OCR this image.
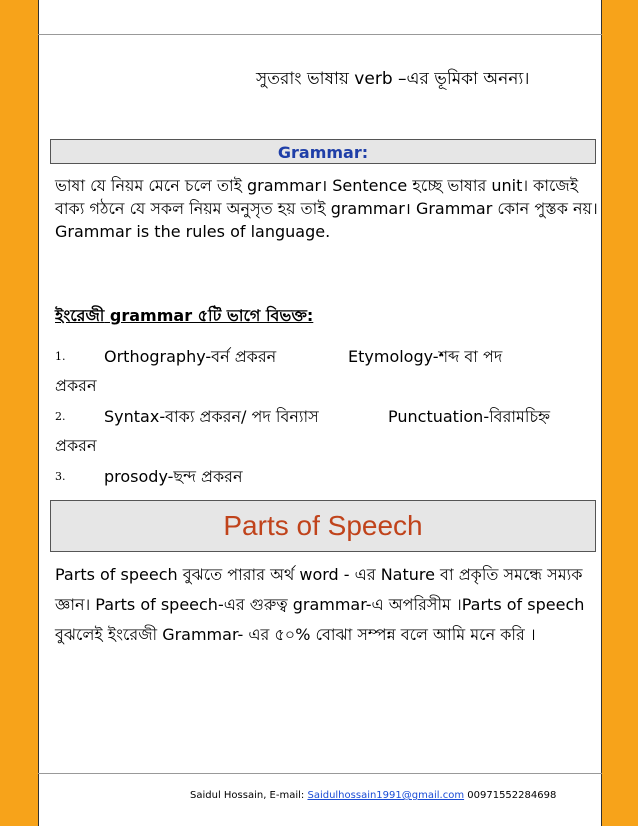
সুতরাং ভাষায় verb –এর ভূমিকা অনন্য।
Grammar:
ভাষা যে নিয়ম মেনে চলে তাই grammar। Sentence হচ্ছে ভাষার unit। কাজেই বাক্য গঠনে যে সকল নিয়ম অনুসৃত হয় তাই grammar। Grammar কোন পুস্তক নয়। Grammar is the rules of language.
ইংরেজী grammar ৫টি ভাগে বিভক্ত:
1. Orthography-বর্ন প্রকরন	Etymology-শব্দ বা পদ
প্রকরন
2. Syntax-বাক্য প্রকরন/ পদ বিন্যাস	Punctuation-বিরামচিহ্ন
প্রকরন
3. prosody-ছন্দ প্রকরন
Parts of Speech
Parts of speech বুঝতে পারার অর্থ word - এর Nature বা প্রকৃতি সমন্ধে সম্যক জ্ঞান। Parts of speech-এর গুরুত্ব grammar-এ অপরিসীম ।Parts of speech বুঝলেই ইংরেজী Grammar- এর ৫০% বোঝা সম্পন্ন বলে আমি মনে করি ।
Saidul Hossain, E-mail: Saidulhossain1991@gmail.com 00971552284698
